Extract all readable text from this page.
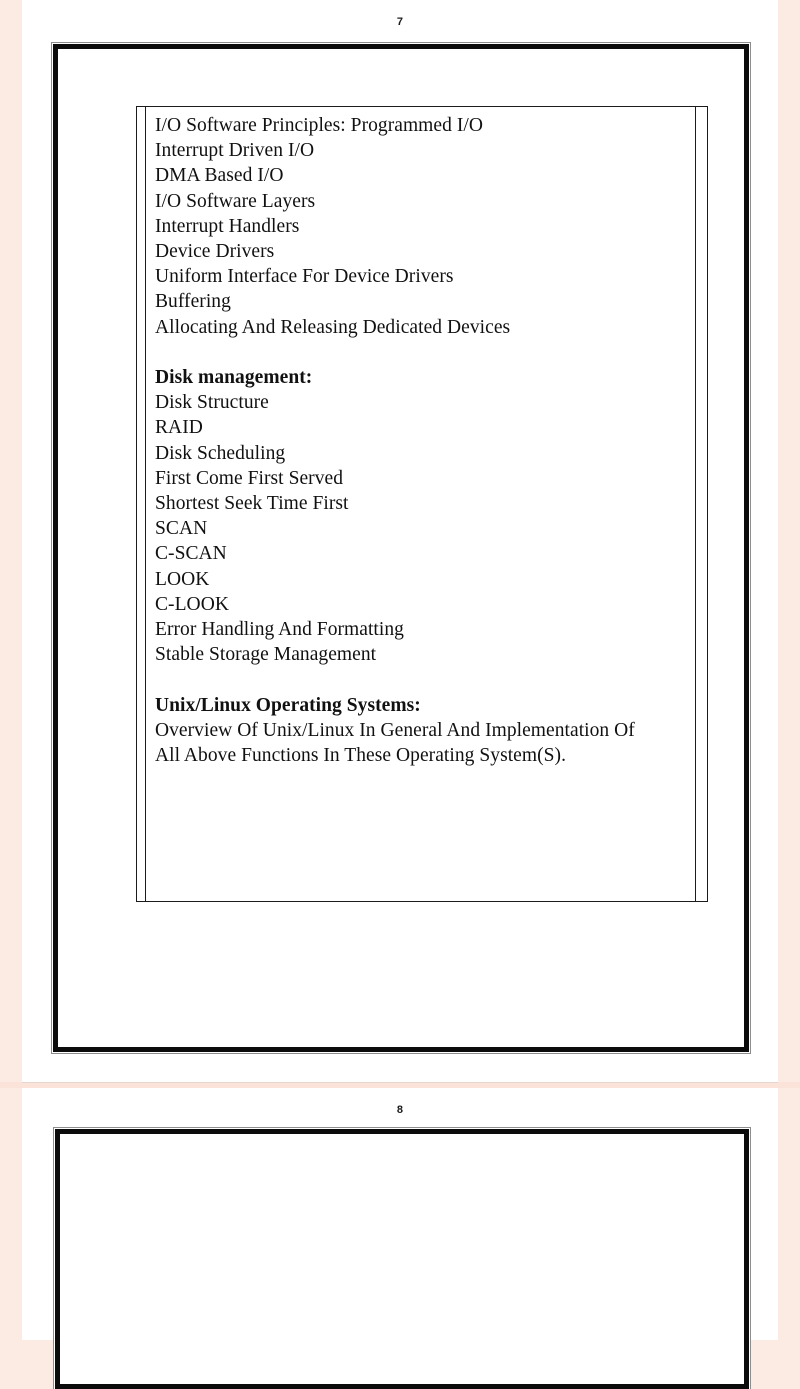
7
I/O Software Principles: Programmed I/O
Interrupt Driven I/O
DMA Based I/O
I/O Software Layers
Interrupt Handlers
Device Drivers
Uniform Interface For Device Drivers
Buffering
Allocating And Releasing Dedicated Devices
Disk management:
Disk Structure
RAID
Disk Scheduling
First Come First Served
Shortest Seek Time First
SCAN
C-SCAN
LOOK
C-LOOK
Error Handling And Formatting
Stable Storage Management
Unix/Linux Operating Systems:
Overview Of Unix/Linux In General And Implementation Of
All Above Functions In These Operating System(S).
8
